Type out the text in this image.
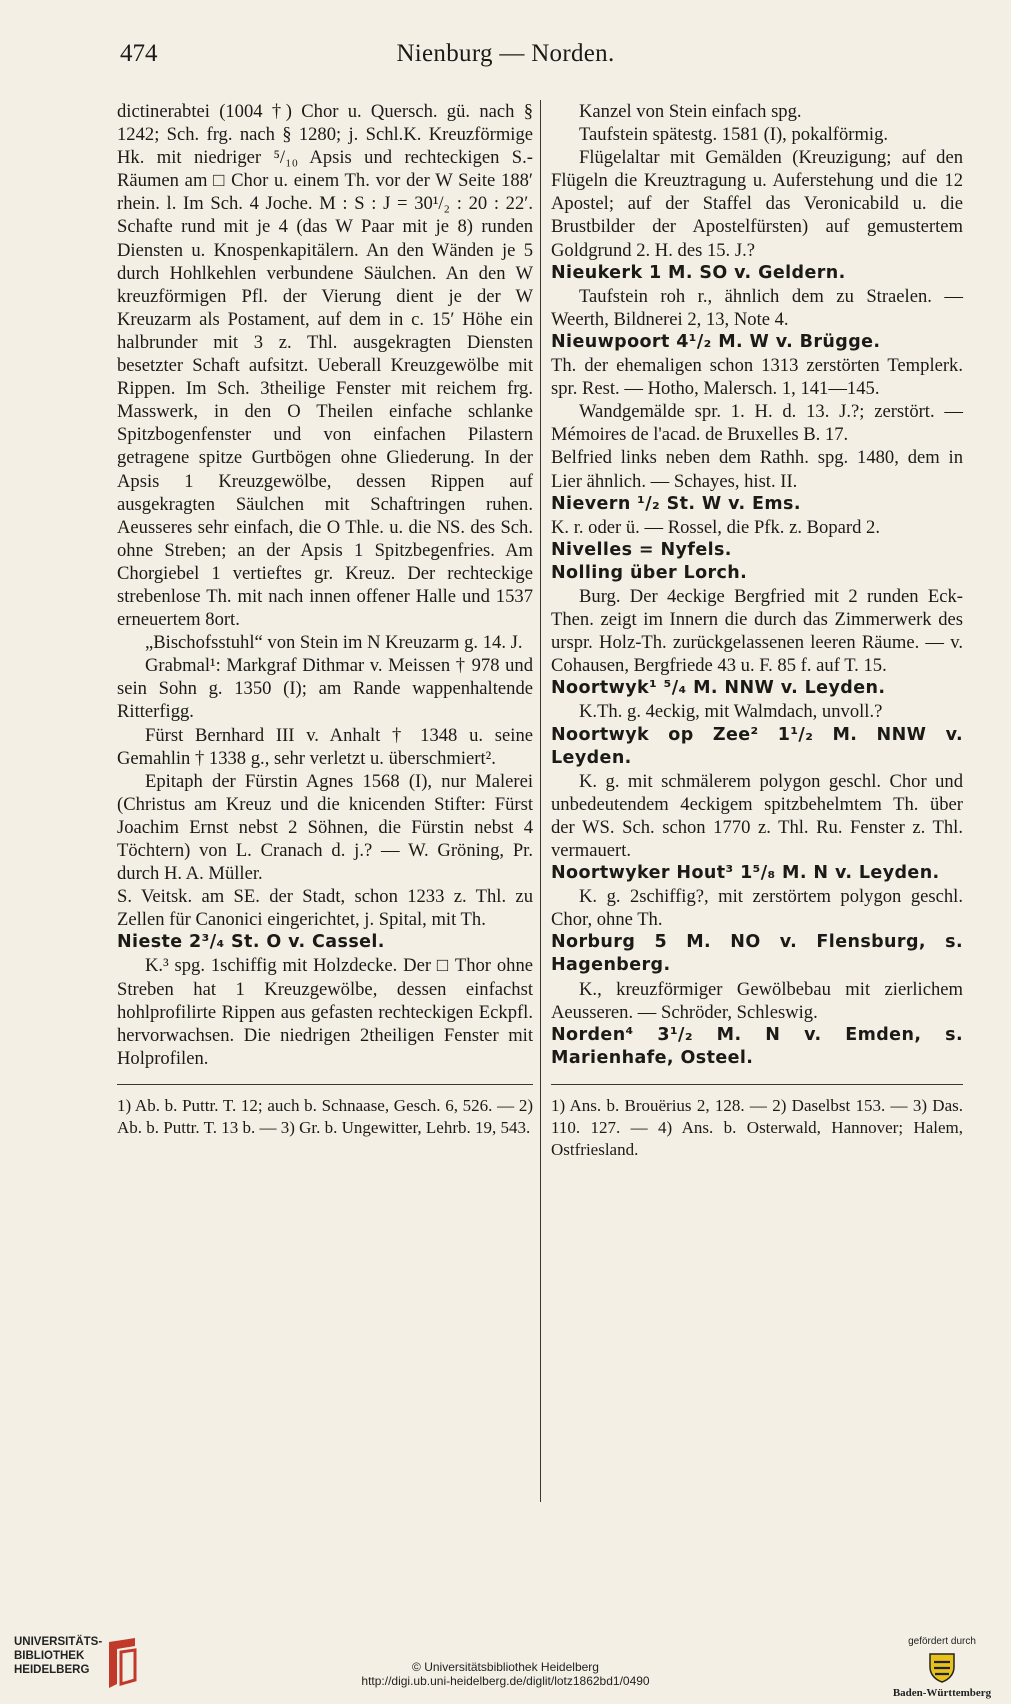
474	Nienburg — Norden.

dictinerabtei (1004 †) Chor u. Quersch. gü. nach § 1242; Sch. frg. nach § 1280; j. Schl.K. Kreuzförmige Hk. mit niedriger ⁵/₁₀ Apsis und rechteckigen S.-Räumen am □ Chor u. einem Th. vor der W Seite 188′ rhein. l. Im Sch. 4 Joche. M : S : J = 30¹/₂ : 20 : 22′. Schafte rund mit je 4 (das W Paar mit je 8) runden Diensten u. Knospenkapitälern. An den Wänden je 5 durch Hohlkehlen verbundene Säulchen. An den W kreuzförmigen Pfl. der Vierung dient je der W Kreuzarm als Postament, auf dem in c. 15′ Höhe ein halbrunder mit 3 z. Thl. ausgekragten Diensten besetzter Schaft aufsitzt. Ueberall Kreuzgewölbe mit Rippen. Im Sch. 3theilige Fenster mit reichem frg. Masswerk, in den O Theilen einfache schlanke Spitzbogenfenster und von einfachen Pilastern getragene spitze Gurtbögen ohne Gliederung. In der Apsis 1 Kreuzgewölbe, dessen Rippen auf ausgekragten Säulchen mit Schaftringen ruhen. Aeusseres sehr einfach, die O Thle. u. die NS. des Sch. ohne Streben; an der Apsis 1 Spitzbegenfries. Am Chorgiebel 1 vertieftes gr. Kreuz. Der rechteckige strebenlose Th. mit nach innen offener Halle und 1537 erneuertem 8ort.

„Bischofsstuhl“ von Stein im N Kreuzarm g. 14. J.

Grabmal¹: Markgraf Dithmar v. Meissen † 978 und sein Sohn g. 1350 (I); am Rande wappenhaltende Ritterfigg.

Fürst Bernhard III v. Anhalt † 1348 u. seine Gemahlin † 1338 g., sehr verletzt u. überschmiert².

Epitaph der Fürstin Agnes 1568 (I), nur Malerei (Christus am Kreuz und die knicenden Stifter: Fürst Joachim Ernst nebst 2 Söhnen, die Fürstin nebst 4 Töchtern) von L. Cranach d. j.? — W. Gröning, Pr. durch H. A. Müller.

S. Veitsk. am SE. der Stadt, schon 1233 z. Thl. zu Zellen für Canonici eingerichtet, j. Spital, mit Th.

Nieste 2³/₄ St. O v. Cassel.

K.³ spg. 1schiffig mit Holzdecke. Der □ Thor ohne Streben hat 1 Kreuzgewölbe, dessen einfachst hohlprofilirte Rippen aus gefasten rechteckigen Eckpfl. hervorwachsen. Die niedrigen 2theiligen Fenster mit Holprofilen.

1) Ab. b. Puttr. T. 12; auch b. Schnaase, Gesch. 6, 526. — 2) Ab. b. Puttr. T. 13 b. — 3) Gr. b. Ungewitter, Lehrb. 19, 543.

Kanzel von Stein einfach spg.

Taufstein spätestg. 1581 (I), pokalförmig.

Flügelaltar mit Gemälden (Kreuzigung; auf den Flügeln die Kreuztragung u. Auferstehung und die 12 Apostel; auf der Staffel das Veronicabild u. die Brustbilder der Apostelfürsten) auf gemustertem Goldgrund 2. H. des 15. J.?

Nieukerk 1 M. SO v. Geldern.

Taufstein roh r., ähnlich dem zu Straelen. — Weerth, Bildnerei 2, 13, Note 4.

Nieuwpoort 4¹/₂ M. W v. Brügge.

Th. der ehemaligen schon 1313 zerstörten Templerk. spr. Rest. — Hotho, Malersch. 1, 141—145.

Wandgemälde spr. 1. H. d. 13. J.?; zerstört. — Mémoires de l'acad. de Bruxelles B. 17.

Belfried links neben dem Rathh. spg. 1480, dem in Lier ähnlich. — Schayes, hist. II.

Nievern ¹/₂ St. W v. Ems.

K. r. oder ü. — Rossel, die Pfk. z. Bopard 2.

Nivelles = Nyfels.

Nolling über Lorch.

Burg. Der 4eckige Bergfried mit 2 runden Eck-Then. zeigt im Innern die durch das Zimmerwerk des urspr. Holz-Th. zurückgelassenen leeren Räume. — v. Cohausen, Bergfriede 43 u. F. 85 f. auf T. 15.

Noortwyk¹ ⁵/₄ M. NNW v. Leyden.

K.Th. g. 4eckig, mit Walmdach, unvoll.?

Noortwyk op Zee² 1¹/₂ M. NNW v. Leyden.

K. g. mit schmälerem polygon geschl. Chor und unbedeutendem 4eckigem spitzbehelmtem Th. über der WS. Sch. schon 1770 z. Thl. Ru. Fenster z. Thl. vermauert.

Noortwyker Hout³ 1⁵/₈ M. N v. Leyden.

K. g. 2schiffig?, mit zerstörtem polygon geschl. Chor, ohne Th.

Norburg 5 M. NO v. Flensburg, s. Hagenberg.

K., kreuzförmiger Gewölbebau mit zierlichem Aeusseren. — Schröder, Schleswig.

Norden⁴ 3¹/₂ M. N v. Emden, s. Marienhafe, Osteel.

1) Ans. b. Brouërius 2, 128. — 2) Daselbst 153. — 3) Das. 110. 127. — 4) Ans. b. Osterwald, Hannover; Halem, Ostfriesland.

UNIVERSITÄTS-
BIBLIOTHEK
HEIDELBERG	© Universitätsbibliothek Heidelberg
http://digi.ub.uni-heidelberg.de/diglit/lotz1862bd1/0490
gefördert durch
Baden-Württemberg
